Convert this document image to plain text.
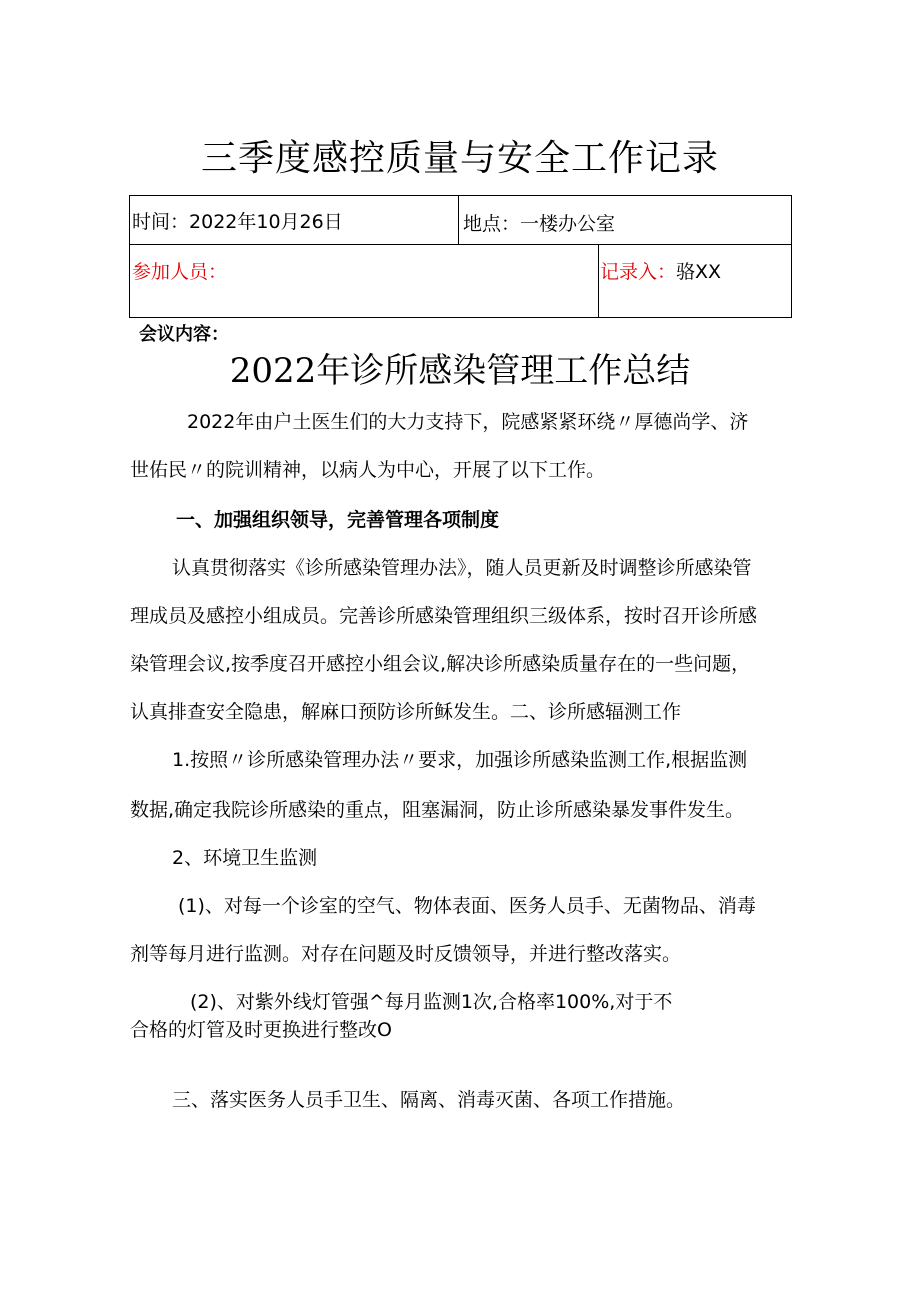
三季度感控质量与安全工作记录
时间：2022年10月26日	地点：一楼办公室
参加人员：	记录入：骆XX
会议内容：
2022年诊所感染管理工作总结
2022年由户土医生们的大力支持下，院感紧紧环绕〃厚德尚学、济
世佑民〃的院训精神，以病人为中心，开展了以下工作。
一、加强组织领导，完善管理各项制度
认真贯彻落实《诊所感染管理办法》，随人员更新及时调整诊所感染管
理成员及感控小组成员。完善诊所感染管理组织三级体系，按时召开诊所感
染管理会议,按季度召开感控小组会议,解决诊所感染质量存在的一些问题，
认真排查安全隐患，解麻口预防诊所稣发生。二、诊所感辐测工作
1.按照〃诊所感染管理办法〃要求，加强诊所感染监测工作,根据监测
数据,确定我院诊所感染的重点，阻塞漏洞，防止诊所感染暴发事件发生。
2、环境卫生监测
(1)、对每一个诊室的空气、物体表面、医务人员手、无菌物品、消毒
剂等每月进行监测。对存在问题及时反馈领导，并进行整改落实。
(2)、对紫外线灯管强^每月监测1次,合格率100%,对于不
合格的灯管及时更换进行整改O
三、落实医务人员手卫生、隔离、消毒灭菌、各项工作措施。
